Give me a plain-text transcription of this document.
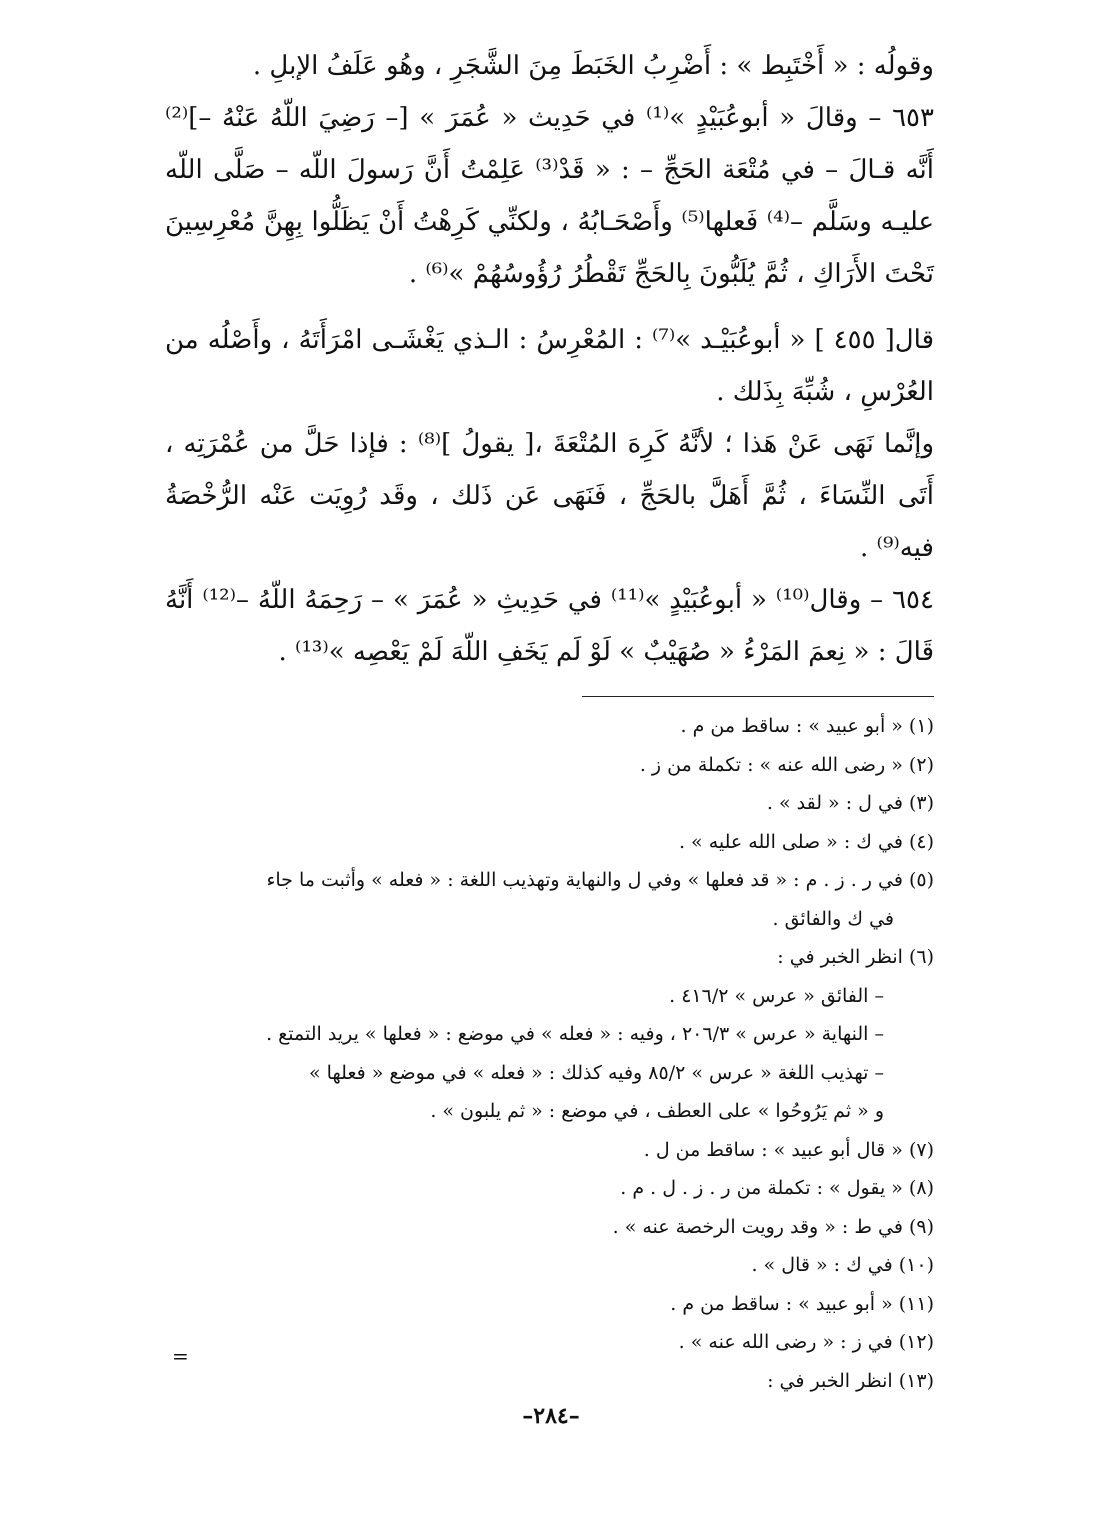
وقولُه : « أَخْتَبِط » : أَضْرِبُ الخَبَطَ مِنَ الشَّجَرِ ، وهُو عَلَفُ الإبلِ .

٦٥٣ – وقالَ « أبوعُبَيْدٍ »⁽¹⁾ في حَدِيث « عُمَرَ » [– رَضِيَ اللّهُ عَنْهُ –]⁽²⁾ أَنَّه قـالَ – في مُتْعَة الحَجِّ – : « قَدْ⁽³⁾ عَلِمْتُ أَنَّ رَسولَ اللّه – صَلَّى اللّه عليـه وسَلَّم –⁽⁴⁾ فَعلها⁽⁵⁾ وأَصْحَـابُهُ ، ولكنِّي كَرِهْتُ أَنْ يَظَلُّوا بِهِنَّ مُعْرِسِينَ تَحْتَ الأَرَاكِ ، ثُمَّ يُلَبُّونَ بِالحَجِّ تَقْطُرُ رُؤُوسُهُمْ »⁽⁶⁾ .

قال[ ٤٥٥ ] « أبوعُبَيْـد »⁽⁷⁾ : المُعْرِسُ : الـذي يَغْشَـى امْرَأَتَهُ ، وأَصْلُه من العُرْسِ ، شُبِّهَ بِذَلك .

وإنَّما نَهَى عَنْ هَذا ؛ لأنَّهُ كَرِهَ المُتْعَةَ ،[ يقولُ ]⁽⁸⁾ : فإذا حَلَّ من عُمْرَتِه ، أَتَى النِّسَاءَ ، ثُمَّ أَهَلَّ بالحَجِّ ، فَنَهَى عَن ذَلك ، وقَد رُوِيَت عَنْه الرُّخْصَةُ فيه⁽⁹⁾ .

٦٥٤ – وقال⁽¹⁰⁾ « أبوعُبَيْدٍ »⁽¹¹⁾ في حَدِيثِ « عُمَرَ » – رَحِمَهُ اللّهُ –⁽¹²⁾ أَنَّهُ قَالَ : « نِعمَ المَرْءُ « صُهَيْبٌ » لَوْ لَم يَخَفِ اللّهَ لَمْ يَعْصِه »⁽¹³⁾ .

(١) « أبو عبيد » : ساقط من م .
(٢) « رضى الله عنه » : تكملة من ز .
(٣) في ل : « لقد » .
(٤) في ك : « صلى الله عليه » .
(٥) في ر . ز . م : « قد فعلها » وفي ل والنهاية وتهذيب اللغة : « فعله » وأثبت ما جاء
في ك والفائق .
(٦) انظر الخبر في :
– الفائق « عرس » ٤١٦/٢ .
– النهاية « عرس » ٢٠٦/٣ ، وفيه : « فعله » في موضع : « فعلها » يريد التمتع .
– تهذيب اللغة « عرس » ٨٥/٢ وفيه كذلك : « فعله » في موضع « فعلها »
و « ثم يَرُوحُوا » على العطف ، في موضع : « ثم يلبون » .
(٧) « قال أبو عبيد » : ساقط من ل .
(٨) « يقول » : تكملة من ر . ز . ل . م .
(٩) في ط : « وقد رويت الرخصة عنه » .
(١٠) في ك : « قال » .
(١١) « أبو عبيد » : ساقط من م .
(١٢) في ز : « رضى الله عنه » .
(١٣) انظر الخبر في :
=
–٢٨٤–
